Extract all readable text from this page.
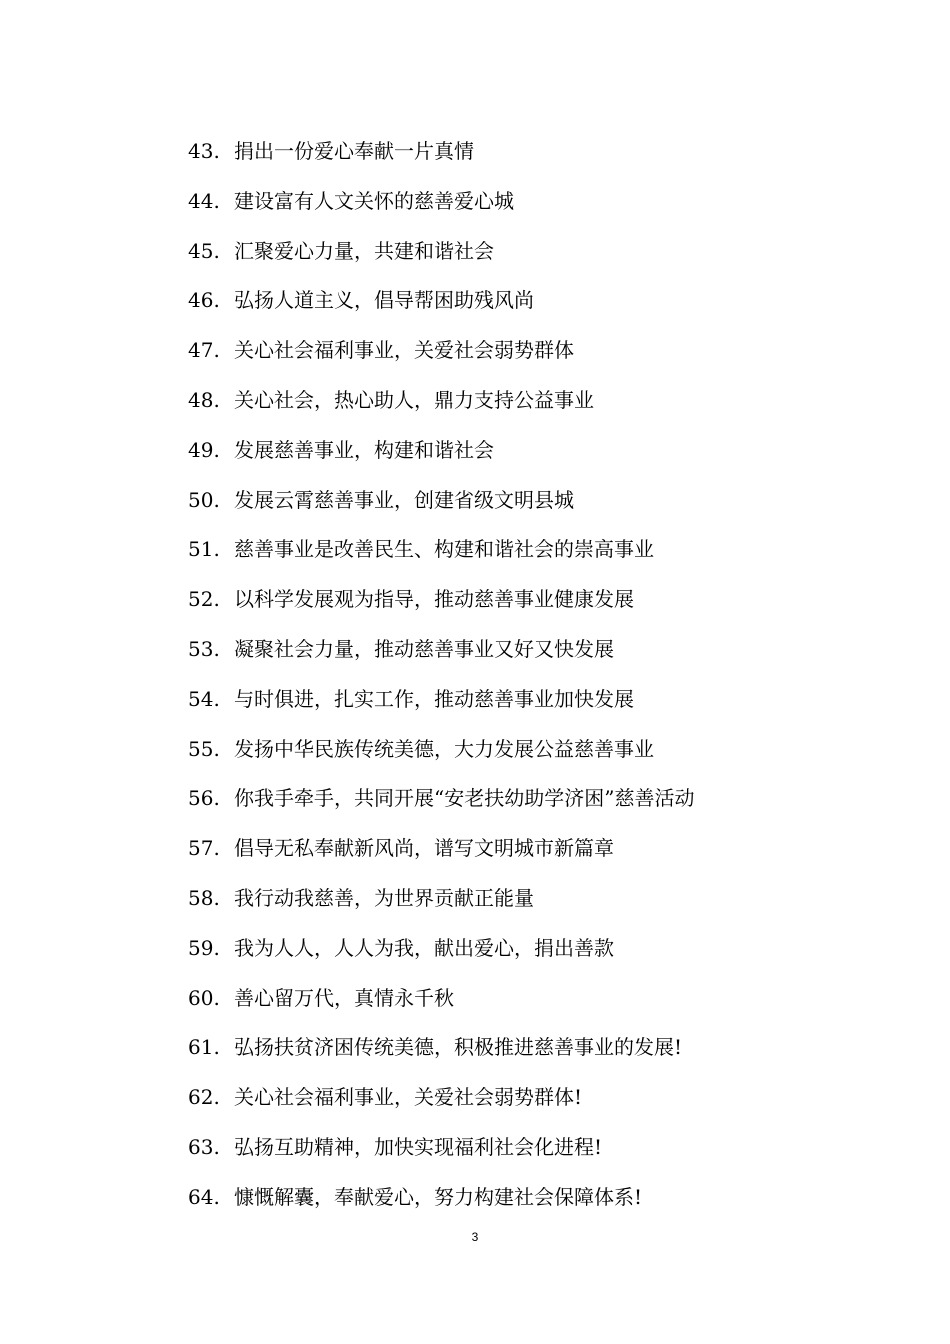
43. 捐出一份爱心奉献一片真情
44. 建设富有人文关怀的慈善爱心城
45. 汇聚爱心力量，共建和谐社会
46. 弘扬人道主义，倡导帮困助残风尚
47. 关心社会福利事业，关爱社会弱势群体
48. 关心社会，热心助人，鼎力支持公益事业
49. 发展慈善事业，构建和谐社会
50. 发展云霄慈善事业，创建省级文明县城
51. 慈善事业是改善民生、构建和谐社会的崇高事业
52. 以科学发展观为指导，推动慈善事业健康发展
53. 凝聚社会力量，推动慈善事业又好又快发展
54. 与时俱进，扎实工作，推动慈善事业加快发展
55. 发扬中华民族传统美德，大力发展公益慈善事业
56. 你我手牵手，共同开展“安老扶幼助学济困”慈善活动
57. 倡导无私奉献新风尚，谱写文明城市新篇章
58. 我行动我慈善，为世界贡献正能量
59. 我为人人，人人为我，献出爱心，捐出善款
60. 善心留万代，真情永千秋
61. 弘扬扶贫济困传统美德，积极推进慈善事业的发展!
62. 关心社会福利事业，关爱社会弱势群体!
63. 弘扬互助精神，加快实现福利社会化进程!
64. 慷慨解囊，奉献爱心，努力构建社会保障体系!
3
